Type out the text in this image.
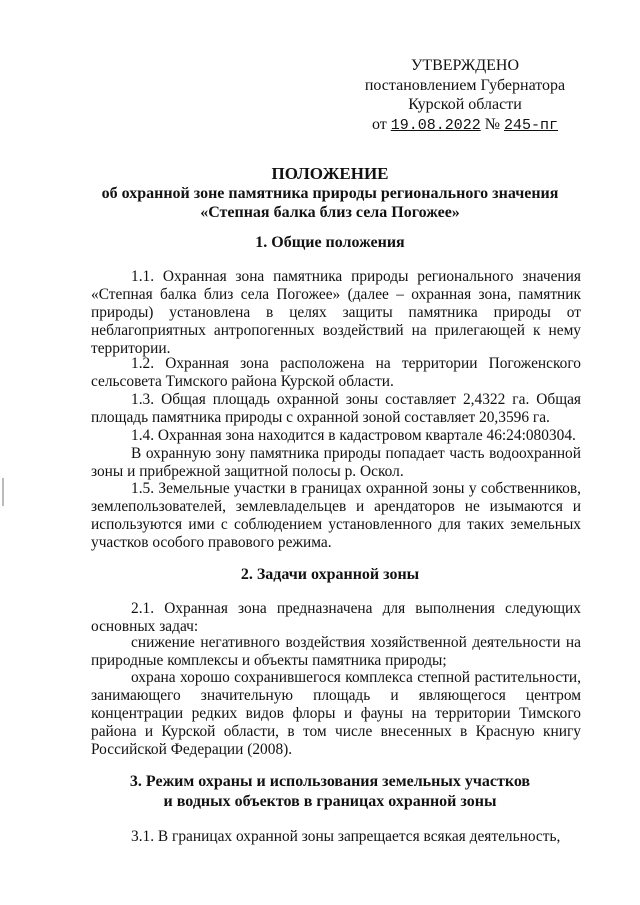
УТВЕРЖДЕНО
постановлением Губернатора
Курской области
от 19.08.2022 № 245-пг
ПОЛОЖЕНИЕ
об охранной зоне памятника природы регионального значения
«Степная балка близ села Погожее»
1. Общие положения
1.1. Охранная зона памятника природы регионального значения «Степная балка близ села Погожее» (далее – охранная зона, памятник природы) установлена в целях защиты памятника природы от неблагоприятных антропогенных воздействий на прилегающей к нему территории.
1.2. Охранная зона расположена на территории Погоженского сельсовета Тимского района Курской области.
1.3. Общая площадь охранной зоны составляет 2,4322 га. Общая площадь памятника природы с охранной зоной составляет 20,3596 га.
1.4. Охранная зона находится в кадастровом квартале 46:24:080304.
В охранную зону памятника природы попадает часть водоохранной зоны и прибрежной защитной полосы р. Оскол.
1.5. Земельные участки в границах охранной зоны у собственников, землепользователей, землевладельцев и арендаторов не изымаются и используются ими с соблюдением установленного для таких земельных участков особого правового режима.
2. Задачи охранной зоны
2.1. Охранная зона предназначена для выполнения следующих основных задач:
снижение негативного воздействия хозяйственной деятельности на природные комплексы и объекты памятника природы;
охрана хорошо сохранившегося комплекса степной растительности, занимающего значительную площадь и являющегося центром концентрации редких видов флоры и фауны на территории Тимского района и Курской области, в том числе внесенных в Красную книгу Российской Федерации (2008).
3. Режим охраны и использования земельных участков
и водных объектов в границах охранной зоны
3.1. В границах охранной зоны запрещается всякая деятельность,
